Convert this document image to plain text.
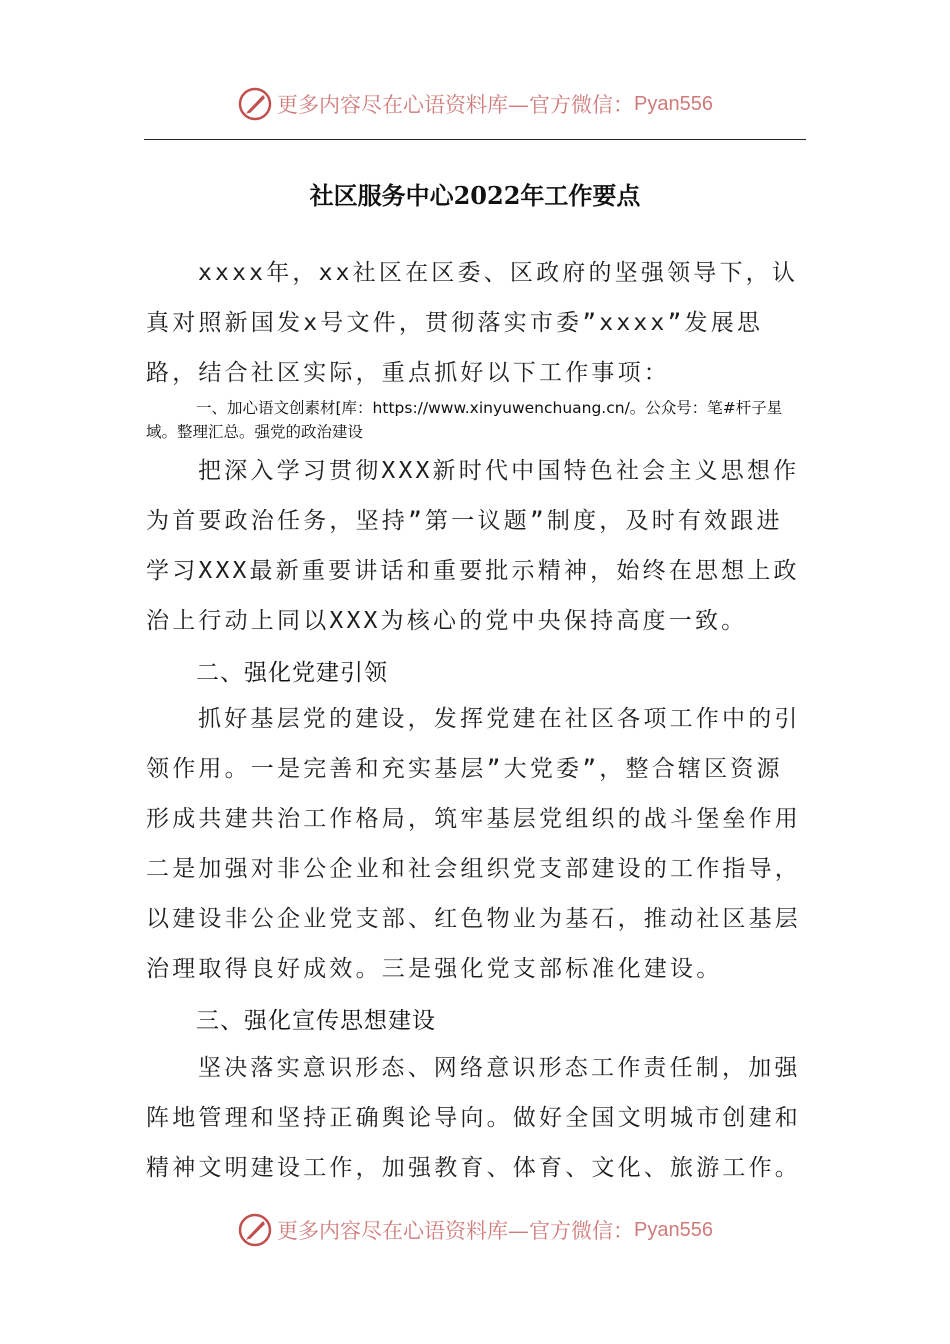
更多内容尽在心语资料库—官方微信： Pyan556
社区服务中心2022年工作要点

xxxx年，xx社区在区委、区政府的坚强领导下，认真对照新国发x号文件，贯彻落实市委”xxxx”发展思路，结合社区实际，重点抓好以下工作事项：

一、加心语文创素材[库：https://www.xinyuwenchuang.cn/。公众号：笔#杆子星域。整理汇总。强党的政治建设

把深入学习贯彻XXX新时代中国特色社会主义思想作为首要政治任务，坚持”第一议题”制度，及时有效跟进学习XXX最新重要讲话和重要批示精神，始终在思想上政治上行动上同以XXX为核心的党中央保持高度一致。

二、强化党建引领

抓好基层党的建设，发挥党建在社区各项工作中的引领作用。一是完善和充实基层”大党委”，整合辖区资源形成共建共治工作格局，筑牢基层党组织的战斗堡垒作用二是加强对非公企业和社会组织党支部建设的工作指导，以建设非公企业党支部、红色物业为基石，推动社区基层治理取得良好成效。三是强化党支部标准化建设。

三、强化宣传思想建设

坚决落实意识形态、网络意识形态工作责任制，加强阵地管理和坚持正确舆论导向。做好全国文明城市创建和精神文明建设工作，加强教育、体育、文化、旅游工作。

更多内容尽在心语资料库—官方微信： Pyan556
